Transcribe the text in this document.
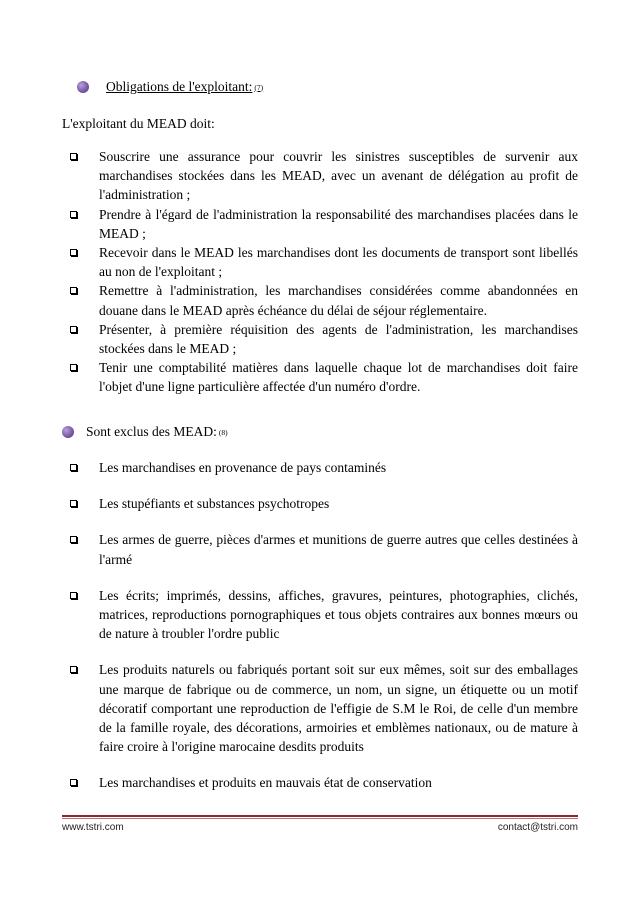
Obligations de l'exploitant: (7)
L'exploitant du MEAD doit:
Souscrire une assurance pour couvrir les sinistres susceptibles de survenir aux marchandises stockées dans les MEAD, avec un avenant de délégation au profit de l'administration ;
Prendre à l'égard de l'administration la responsabilité des marchandises placées dans le MEAD ;
Recevoir dans le MEAD les marchandises dont les documents de transport sont libellés au non de l'exploitant ;
Remettre à l'administration, les marchandises considérées comme abandonnées en douane dans le MEAD après échéance du délai de séjour réglementaire.
Présenter, à première réquisition des agents de l'administration, les marchandises stockées dans le MEAD ;
Tenir une comptabilité matières dans laquelle chaque lot de marchandises doit faire l'objet d'une ligne particulière affectée d'un numéro d'ordre.
Sont exclus des MEAD: (8)
Les marchandises en provenance de pays contaminés
Les stupéfiants et substances psychotropes
Les armes de guerre, pièces d'armes et munitions de guerre autres que celles destinées à l'armé
Les écrits; imprimés, dessins, affiches, gravures, peintures, photographies, clichés, matrices, reproductions pornographiques et tous objets contraires aux bonnes mœurs ou de nature à troubler l'ordre public
Les produits naturels ou fabriqués portant soit sur eux mêmes, soit sur des emballages une marque de fabrique ou de commerce, un nom, un signe, un étiquette ou un motif décoratif comportant une reproduction de l'effigie de S.M le Roi, de celle d'un membre de la famille royale, des décorations, armoiries et emblèmes nationaux, ou de mature à faire croire à l'origine marocaine desdits produits
Les marchandises et produits en mauvais état de conservation
www.tstri.com	contact@tstri.com
